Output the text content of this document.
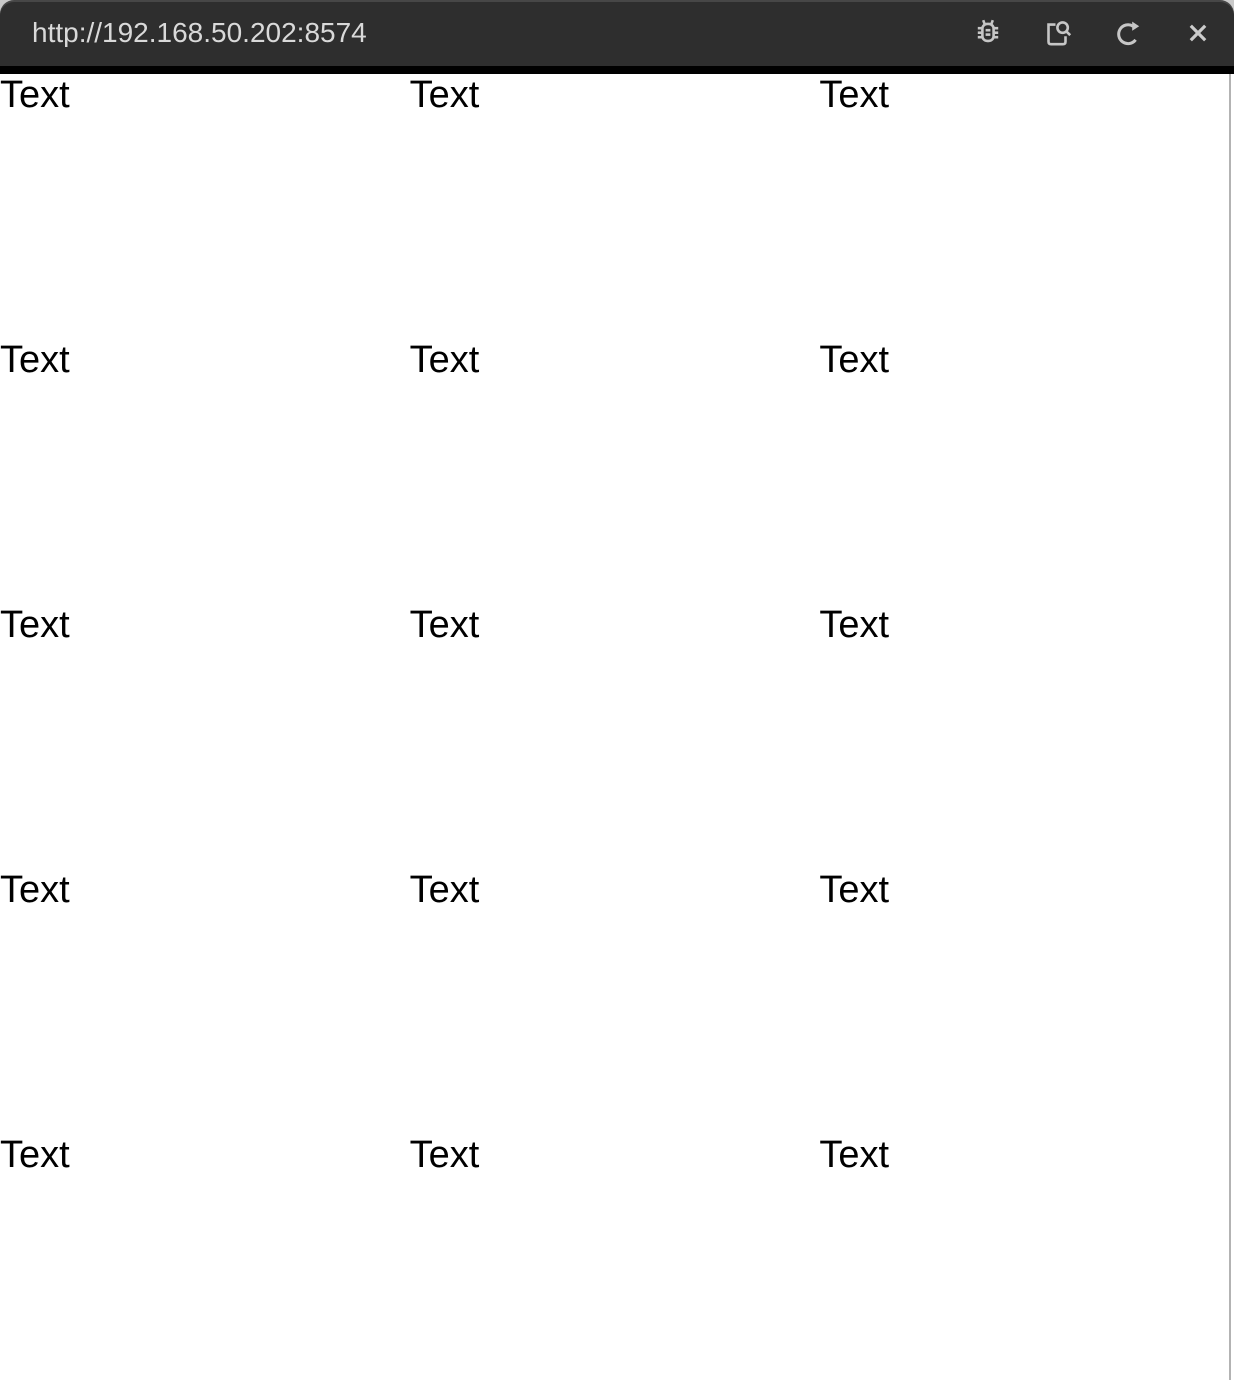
http://192.168.50.202:8574
Text	Text	Text
Text	Text	Text
Text	Text	Text
Text	Text	Text
Text	Text	Text
